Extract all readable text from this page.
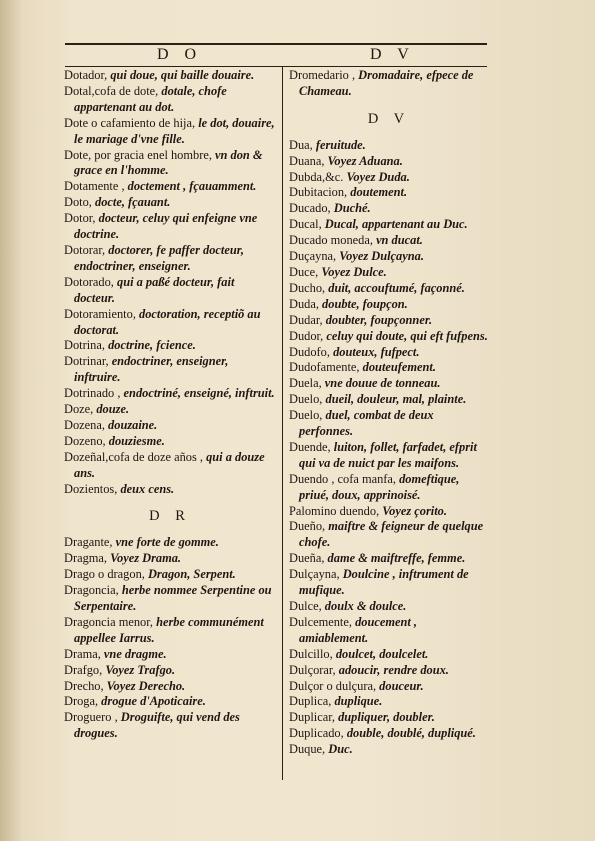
D O	D V

Dotador, qui doue, qui baille douaire.

Dotal,cofa de dote, dotale, chofe appartenant au dot.

Dote o cafamiento de hija, le dot, douaire, le mariage d'vne fille.

Dote, por gracia enel hombre, vn don & grace en l'homme.

Dotamente , doctement , fçauamment.

Doto, docte, fçauant.

Dotor, docteur, celuy qui enfeigne vne doctrine.

Dotorar, doctorer, fe paffer docteur, endoctriner, enseigner.

Dotorado, qui a paßé docteur, fait docteur.

Dotoramiento, doctoration, receptiõ au doctorat.

Dotrina, doctrine, fcience.

Dotrinar, endoctriner, enseigner, inftruire.

Dotrinado , endoctriné, enseigné, inftruit.

Doze, douze.

Dozena, douzaine.

Dozeno, douziesme.

Dozeñal,cofa de doze años , qui a douze ans.

Dozientos, deux cens.

D R

Dragante, vne forte de gomme.

Dragma, Voyez Drama.

Drago o dragon, Dragon, Serpent.

Dragoncia, herbe nommee Serpentine ou Serpentaire.

Dragoncia menor, herbe communément appellee Iarrus.

Drama, vne dragme.

Drafgo, Voyez Trafgo.

Drecho, Voyez Derecho.

Droga, drogue d'Apoticaire.

Droguero , Droguifte, qui vend des drogues.

Dromedario , Dromadaire, efpece de Chameau.

D V

Dua, feruitude.

Duana, Voyez Aduana.

Dubda,&c. Voyez Duda.

Dubitacion, doutement.

Ducado, Duché.

Ducal, Ducal, appartenant au Duc.

Ducado moneda, vn ducat.

Duçayna, Voyez Dulçayna.

Duce, Voyez Dulce.

Ducho, duit, accouftumé, façonné.

Duda, doubte, foupçon.

Dudar, doubter, foupçonner.

Dudor, celuy qui doute, qui eft fufpens.

Dudofo, douteux, fufpect.

Dudofamente, douteufement.

Duela, vne douue de tonneau.

Duelo, dueil, douleur, mal, plainte.

Duelo, duel, combat de deux perfonnes.

Duende, luiton, follet, farfadet, efprit qui va de nuict par les maifons.

Duendo , cofa manfa, domeftique, priué, doux, apprinoisé.

Palomino duendo, Voyez çorito.

Dueño, maiftre & feigneur de quelque chofe.

Dueña, dame & maiftreffe, femme.

Dulçayna, Doulcine , inftrument de mufique.

Dulce, doulx & doulce.

Dulcemente, doucement , amiablement.

Dulcillo, doulcet, doulcelet.

Dulçorar, adoucir, rendre doux.

Dulçor o dulçura, douceur.

Duplica, duplique.

Duplicar, dupliquer, doubler.

Duplicado, double, doublé, dupliqué.

Duque, Duc.
